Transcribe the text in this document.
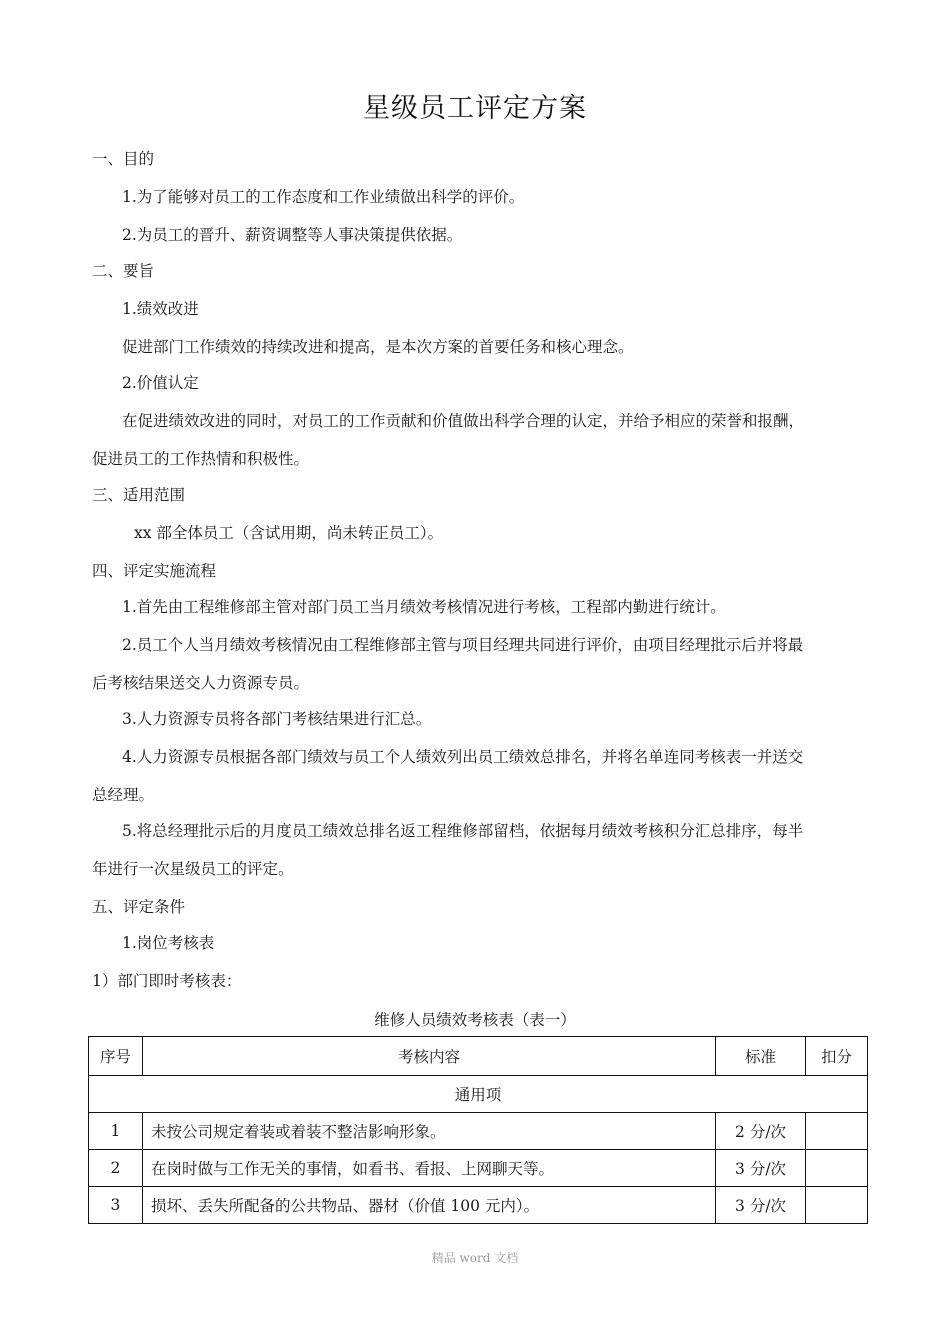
星级员工评定方案
一、目的
1.为了能够对员工的工作态度和工作业绩做出科学的评价。
2.为员工的晋升、薪资调整等人事决策提供依据。
二、要旨
1.绩效改进
促进部门工作绩效的持续改进和提高，是本次方案的首要任务和核心理念。
2.价值认定
在促进绩效改进的同时，对员工的工作贡献和价值做出科学合理的认定，并给予相应的荣誉和报酬，
促进员工的工作热情和积极性。
三、适用范围
xx 部全体员工（含试用期，尚未转正员工）。
四、评定实施流程
1.首先由工程维修部主管对部门员工当月绩效考核情况进行考核，工程部内勤进行统计。
2.员工个人当月绩效考核情况由工程维修部主管与项目经理共同进行评价，由项目经理批示后并将最
后考核结果送交人力资源专员。
3.人力资源专员将各部门考核结果进行汇总。
4.人力资源专员根据各部门绩效与员工个人绩效列出员工绩效总排名，并将名单连同考核表一并送交
总经理。
5.将总经理批示后的月度员工绩效总排名返工程维修部留档，依据每月绩效考核积分汇总排序，每半
年进行一次星级员工的评定。
五、评定条件
1.岗位考核表
1）部门即时考核表：
维修人员绩效考核表（表一）
序号	考核内容	标准	扣分
通用项			
1	未按公司规定着装或着装不整洁影响形象。	2 分/次	
2	在岗时做与工作无关的事情，如看书、看报、上网聊天等。	3 分/次	
3	损坏、丢失所配备的公共物品、器材（价值 100 元内）。	3 分/次	
精品 word 文档
